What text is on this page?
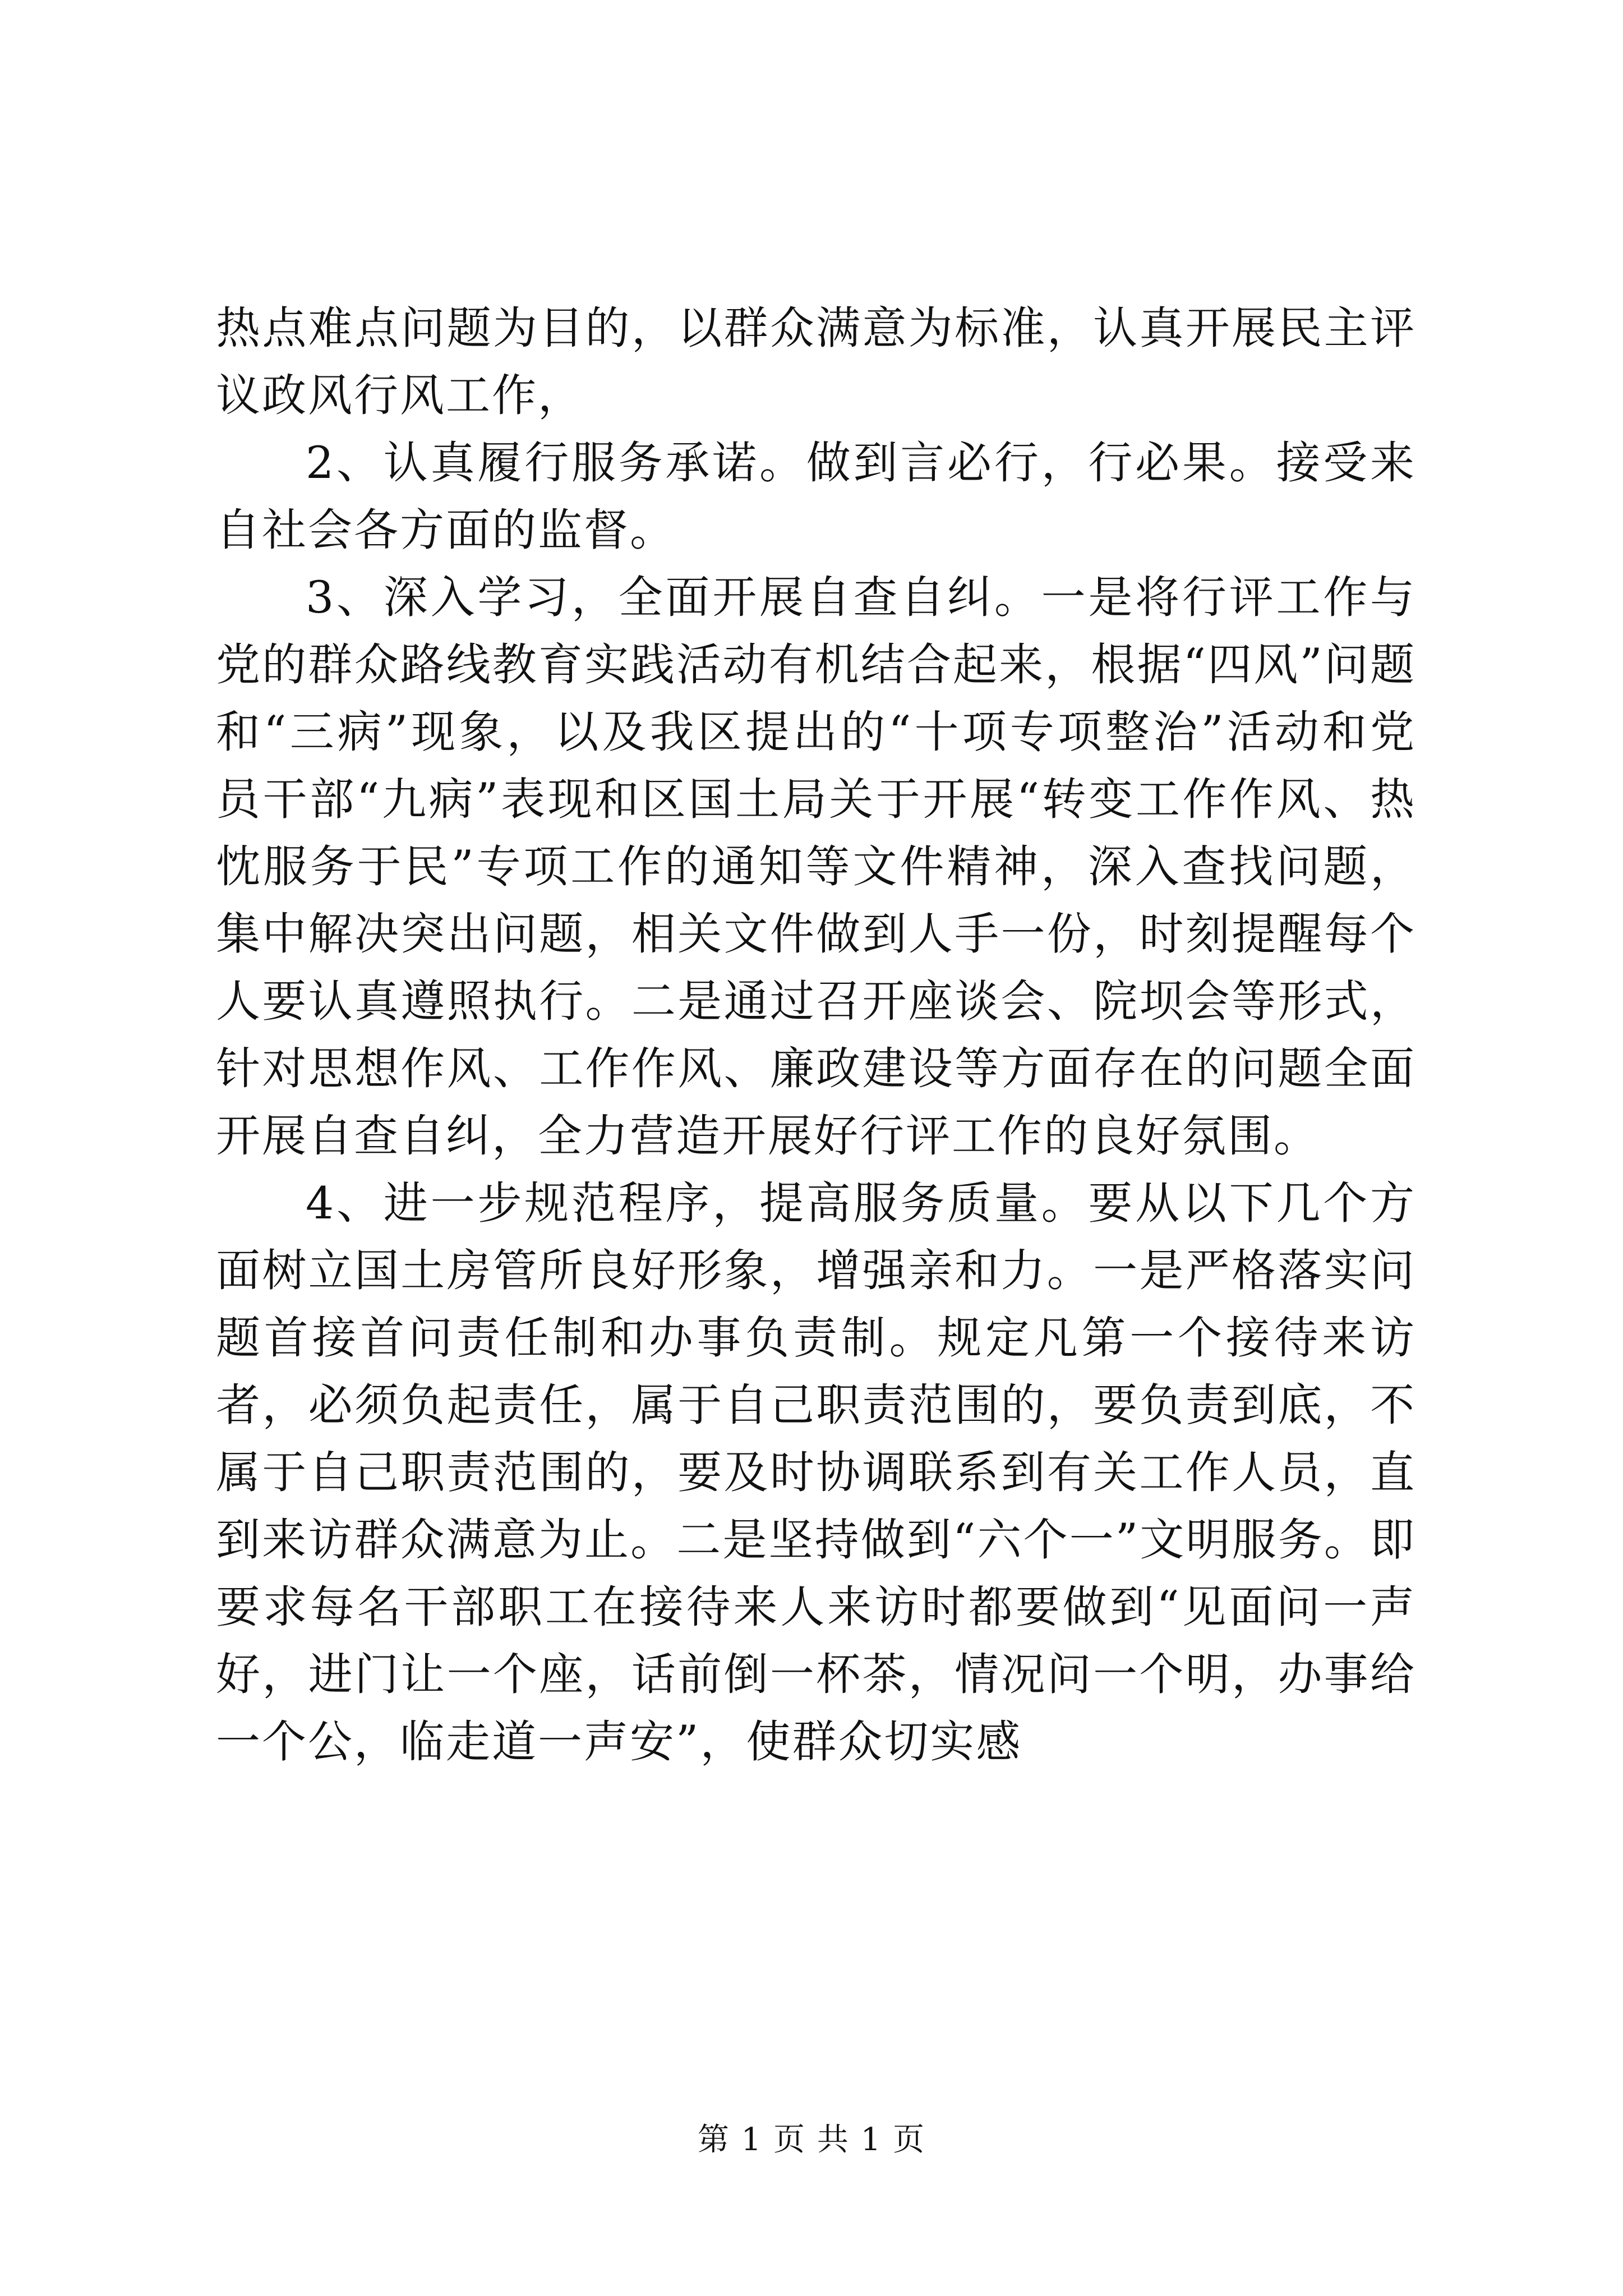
热点难点问题为目的，以群众满意为标准，认真开展民主评议政风行风工作，

2、认真履行服务承诺。做到言必行，行必果。接受来自社会各方面的监督。

3、深入学习，全面开展自查自纠。一是将行评工作与党的群众路线教育实践活动有机结合起来，根据“四风”问题和“三病”现象，以及我区提出的“十项专项整治”活动和党员干部“九病”表现和区国土局关于开展“转变工作作风、热忱服务于民”专项工作的通知等文件精神，深入查找问题，集中解决突出问题，相关文件做到人手一份，时刻提醒每个人要认真遵照执行。二是通过召开座谈会、院坝会等形式，针对思想作风、工作作风、廉政建设等方面存在的问题全面开展自查自纠，全力营造开展好行评工作的良好氛围。

4、进一步规范程序，提高服务质量。要从以下几个方面树立国土房管所良好形象，增强亲和力。一是严格落实问题首接首问责任制和办事负责制。规定凡第一个接待来访者，必须负起责任，属于自己职责范围的，要负责到底，不属于自己职责范围的，要及时协调联系到有关工作人员，直到来访群众满意为止。二是坚持做到“六个一”文明服务。即要求每名干部职工在接待来人来访时都要做到“见面问一声好，进门让一个座，话前倒一杯茶，情况问一个明，办事给一个公，临走道一声安”，使群众切实感

第 1 页 共 1 页
